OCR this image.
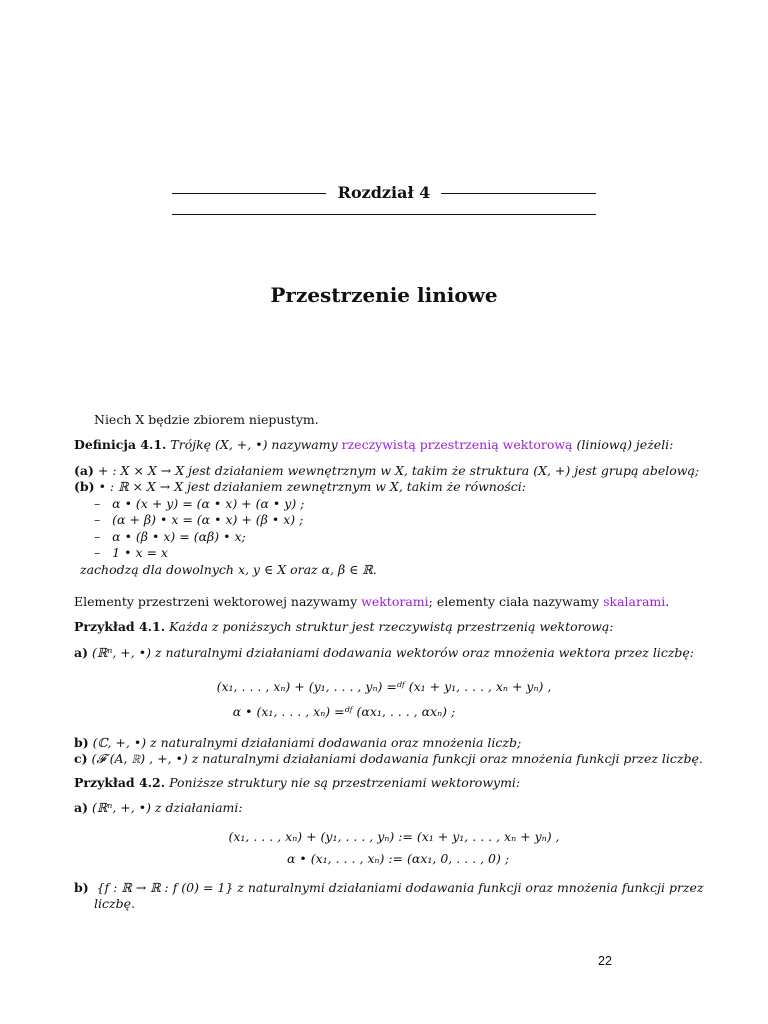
Rozdział 4
Przestrzenie liniowe
Niech X będzie zbiorem niepustym.
Definicja 4.1. Trójkę (X, +, •) nazywamy rzeczywistą przestrzenią wektorową (liniową) jeżeli:
(a) + : X × X → X jest działaniem wewnętrznym w X, takim że struktura (X, +) jest grupą abelową;
(b) • : ℝ × X → X jest działaniem zewnętrznym w X, takim że równości:
–   α • (x + y) = (α • x) + (α • y) ;
–   (α + β) • x = (α • x) + (β • x) ;
–   α • (β • x) = (αβ) • x;
–   1 • x = x
zachodzą dla dowolnych x, y ∈ X oraz α, β ∈ ℝ.
Elementy przestrzeni wektorowej nazywamy wektorami; elementy ciała nazywamy skalarami.
Przykład 4.1. Każda z poniższych struktur jest rzeczywistą przestrzenią wektorową:
a) (ℝⁿ, +, •) z naturalnymi działaniami dodawania wektorów oraz mnożenia wektora przez liczbę:
(x₁, . . . , xₙ) + (y₁, . . . , yₙ) =ᵈᶠ (x₁ + y₁, . . . , xₙ + yₙ) ,
α • (x₁, . . . , xₙ) =ᵈᶠ (αx₁, . . . , αxₙ) ;
b) (ℂ, +, •) z naturalnymi działaniami dodawania oraz mnożenia liczb;
c) (𝓕 (A, ℝ) , +, •) z naturalnymi działaniami dodawania funkcji oraz mnożenia funkcji przez liczbę.
Przykład 4.2. Poniższe struktury nie są przestrzeniami wektorowymi:
a) (ℝⁿ, +, •) z działaniami:
(x₁, . . . , xₙ) + (y₁, . . . , yₙ) := (x₁ + y₁, . . . , xₙ + yₙ) ,
α • (x₁, . . . , xₙ) := (αx₁, 0, . . . , 0) ;
b) {f : ℝ → ℝ : f (0) = 1} z naturalnymi działaniami dodawania funkcji oraz mnożenia funkcji przez
liczbę.
22
